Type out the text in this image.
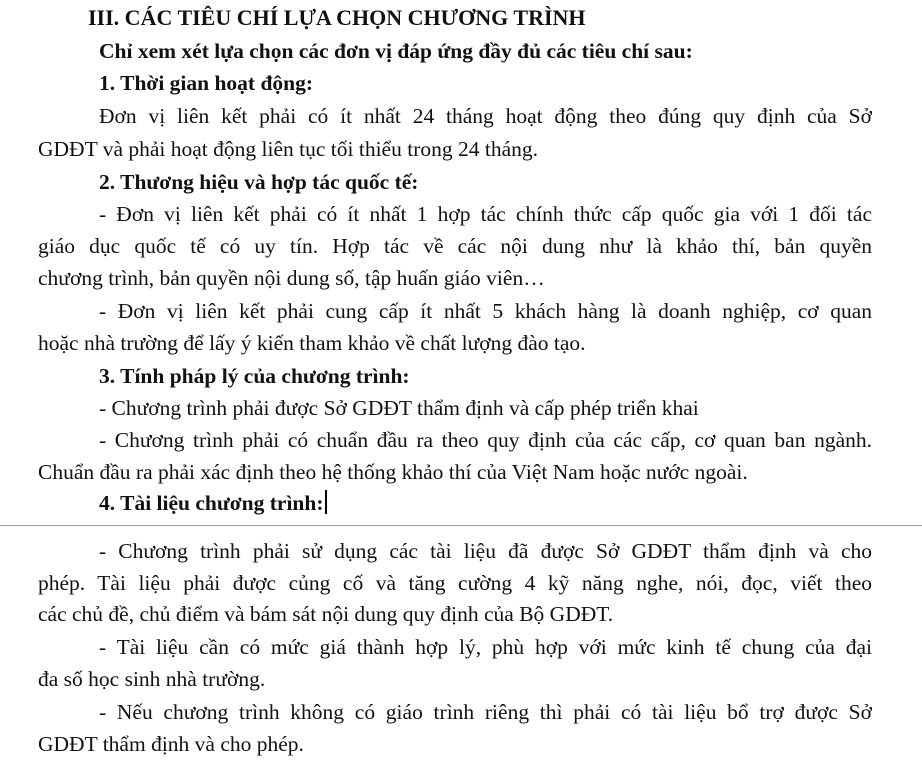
III. CÁC TIÊU CHÍ LỰA CHỌN CHƯƠNG TRÌNH
Chỉ xem xét lựa chọn các đơn vị đáp ứng đầy đủ các tiêu chí sau:
1. Thời gian hoạt động:
Đơn vị liên kết phải có ít nhất 24 tháng hoạt động theo đúng quy định của Sở
GDĐT và phải hoạt động liên tục tối thiểu trong 24 tháng.
2. Thương hiệu và hợp tác quốc tế:
- Đơn vị liên kết phải có ít nhất 1 hợp tác chính thức cấp quốc gia với 1 đối tác
giáo dục quốc tế có uy tín. Hợp tác về các nội dung như là khảo thí, bản quyền
chương trình, bản quyền nội dung số, tập huấn giáo viên…
- Đơn vị liên kết phải cung cấp ít nhất 5 khách hàng là doanh nghiệp, cơ quan
hoặc nhà trường để lấy ý kiến tham khảo về chất lượng đào tạo.
3. Tính pháp lý của chương trình:
- Chương trình phải được Sở GDĐT thẩm định và cấp phép triển khai
- Chương trình phải có chuẩn đầu ra theo quy định của các cấp, cơ quan ban ngành.
Chuẩn đầu ra phải xác định theo hệ thống khảo thí của Việt Nam hoặc nước ngoài.
4. Tài liệu chương trình:
- Chương trình phải sử dụng các tài liệu đã được Sở GDĐT thẩm định và cho
phép. Tài liệu phải được củng cố và tăng cường 4 kỹ năng nghe, nói, đọc, viết theo
các chủ đề, chủ điểm và bám sát nội dung quy định của Bộ GDĐT.
- Tài liệu cần có mức giá thành hợp lý, phù hợp với mức kinh tế chung của đại
đa số học sinh nhà trường.
- Nếu chương trình không có giáo trình riêng thì phải có tài liệu bổ trợ được Sở
GDĐT thẩm định và cho phép.
